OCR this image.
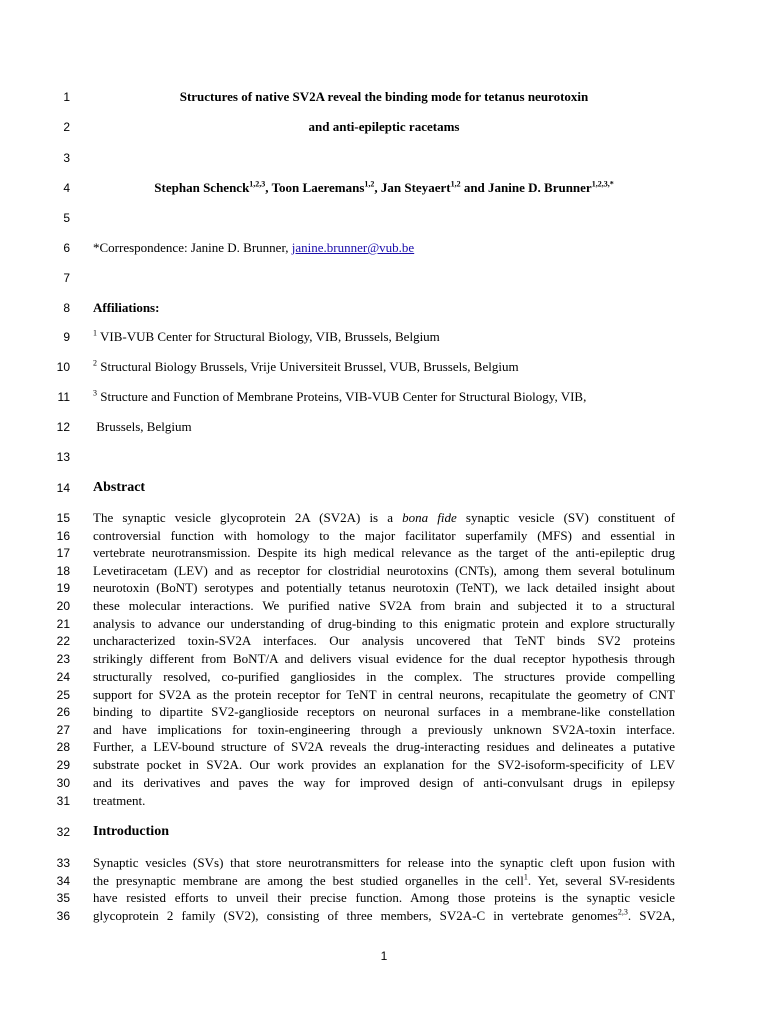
1
2
3
4
5
6
7
8
9
10
11
12
13
14
15
16
17
18
19
20
21
22
23
24
25
26
27
28
29
30
31
32
33
34
35
36
Structures of native SV2A reveal the binding mode for tetanus neurotoxin
and anti-epileptic racetams
Stephan Schenck$^{1,2,3}$, Toon Laeremans$^{1,2}$, Jan Steyaert$^{1,2}$ and Janine D. Brunner$^{1,2,3,*}$
*Correspondence: Janine D. Brunner, janine.brunner@vub.be
Affiliations:
$^1$ VIB-VUB Center for Structural Biology, VIB, Brussels, Belgium
$^2$ Structural Biology Brussels, Vrije Universiteit Brussel, VUB, Brussels, Belgium
$^3$ Structure and Function of Membrane Proteins, VIB-VUB Center for Structural Biology, VIB,
Brussels, Belgium
Abstract
The synaptic vesicle glycoprotein 2A (SV2A) is a bona fide synaptic vesicle (SV) constituent of
controversial function with homology to the major facilitator superfamily (MFS) and essential in
vertebrate neurotransmission. Despite its high medical relevance as the target of the anti-epileptic drug
Levetiracetam (LEV) and as receptor for clostridial neurotoxins (CNTs), among them several botulinum
neurotoxin (BoNT) serotypes and potentially tetanus neurotoxin (TeNT), we lack detailed insight about
these molecular interactions. We purified native SV2A from brain and subjected it to a structural
analysis to advance our understanding of drug-binding to this enigmatic protein and explore structurally
uncharacterized toxin-SV2A interfaces. Our analysis uncovered that TeNT binds SV2 proteins
strikingly different from BoNT/A and delivers visual evidence for the dual receptor hypothesis through
structurally resolved, co-purified gangliosides in the complex. The structures provide compelling
support for SV2A as the protein receptor for TeNT in central neurons, recapitulate the geometry of CNT
binding to dipartite SV2-ganglioside receptors on neuronal surfaces in a membrane-like constellation
and have implications for toxin-engineering through a previously unknown SV2A-toxin interface.
Further, a LEV-bound structure of SV2A reveals the drug-interacting residues and delineates a putative
substrate pocket in SV2A. Our work provides an explanation for the SV2-isoform-specificity of LEV
and its derivatives and paves the way for improved design of anti-convulsant drugs in epilepsy
treatment.
Introduction
Synaptic vesicles (SVs) that store neurotransmitters for release into the synaptic cleft upon fusion with
the presynaptic membrane are among the best studied organelles in the cell$^1$. Yet, several SV-residents
have resisted efforts to unveil their precise function. Among those proteins is the synaptic vesicle
glycoprotein 2 family (SV2), consisting of three members, SV2A-C in vertebrate genomes$^{2,3}$. SV2A,
1
